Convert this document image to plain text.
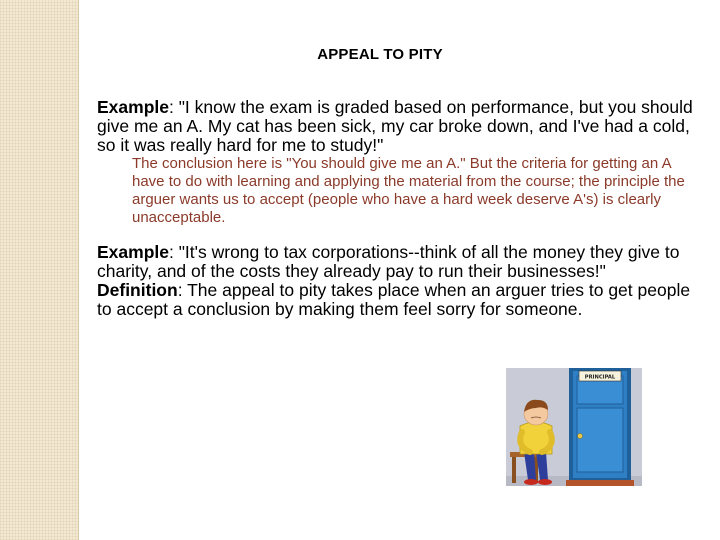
APPEAL TO PITY
Example: "I know the exam is graded based on performance, but you should give me an A. My cat has been sick, my car broke down, and I've had a cold, so it was really hard for me to study!"
The conclusion here is "You should give me an A." But the criteria for getting an A have to do with learning and applying the material from the course; the principle the arguer wants us to accept (people who have a hard week deserve A's) is clearly unacceptable.
Example: "It's wrong to tax corporations--think of all the money they give to charity, and of the costs they already pay to run their businesses!"
Definition: The appeal to pity takes place when an arguer tries to get people to accept a conclusion by making them feel sorry for someone.
PRINCIPAL
